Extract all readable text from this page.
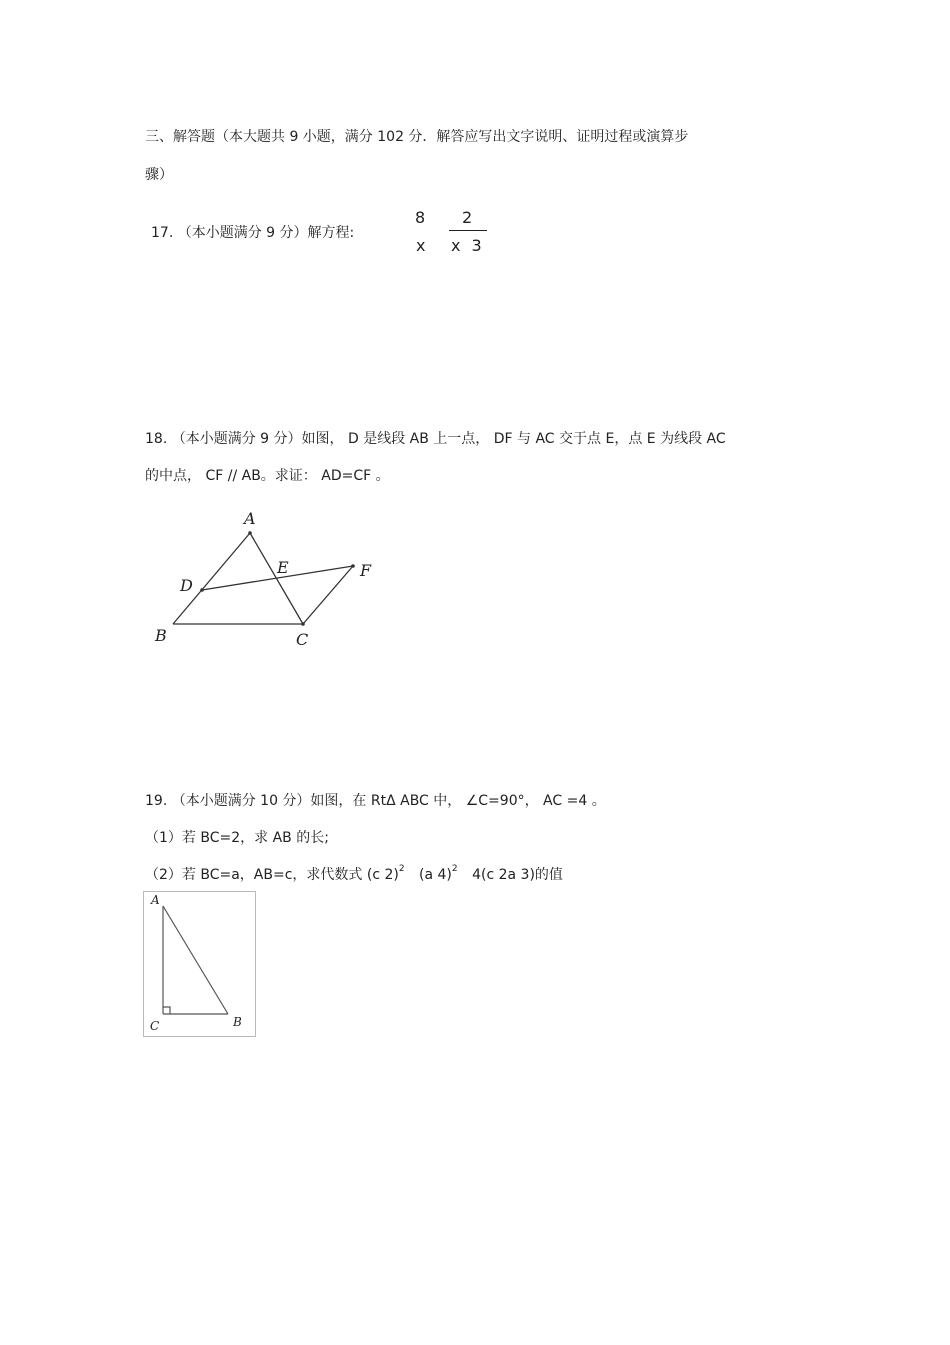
三、解答题（本大题共 9 小题，满分 102 分．解答应写出文字说明、证明过程或演算步
骤）
17. （本小题满分 9 分）解方程:
8
x
2
x 3
18. （本小题满分 9 分）如图， D 是线段 AB 上一点， DF 与 AC 交于点 E，点 E 为线段 AC
的中点， CF // AB。求证： AD=CF 。
A
D
E	F
B	C
19. （本小题满分 10 分）如图，在 RtΔ ABC 中， ∠C=90°， AC =4 。
（1）若 BC=2，求 AB 的长;
（2）若 BC=a，AB=c，求代数式 (c 2)$^2$ (a 4)$^2$ 4(c 2a 3)的值
A
C	B
